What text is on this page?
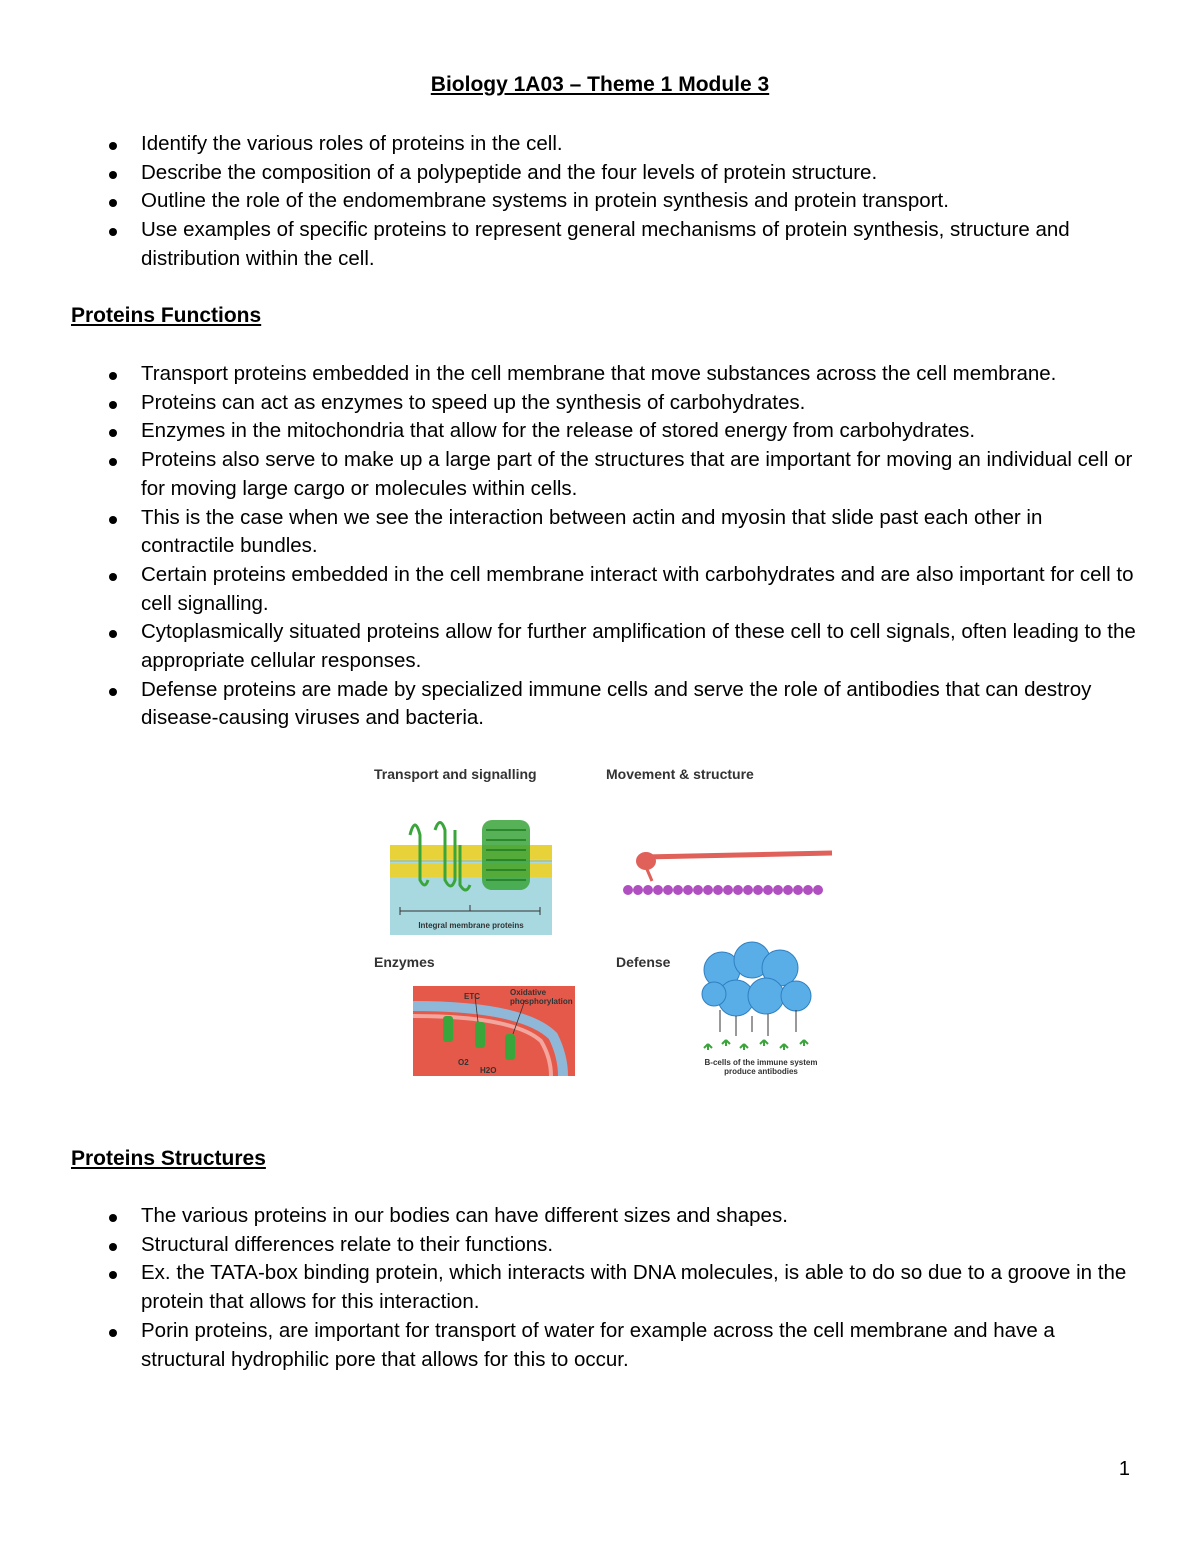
Biology 1A03 – Theme 1 Module 3
Identify the various roles of proteins in the cell.
Describe the composition of a polypeptide and the four levels of protein structure.
Outline the role of the endomembrane systems in protein synthesis and protein transport.
Use examples of specific proteins to represent general mechanisms of protein synthesis, structure and distribution within the cell.
Proteins Functions
Transport proteins embedded in the cell membrane that move substances across the cell membrane.
Proteins can act as enzymes to speed up the synthesis of carbohydrates.
Enzymes in the mitochondria that allow for the release of stored energy from carbohydrates.
Proteins also serve to make up a large part of the structures that are important for moving an individual cell or for moving large cargo or molecules within cells.
This is the case when we see the interaction between actin and myosin that slide past each other in contractile bundles.
Certain proteins embedded in the cell membrane interact with carbohydrates and are also important for cell to cell signalling.
Cytoplasmically situated proteins allow for further amplification of these cell to cell signals, often leading to the appropriate cellular responses.
Defense proteins are made by specialized immune cells and serve the role of antibodies that can destroy disease-causing viruses and bacteria.
Transport and signalling	Movement & structure
Enzymes	Defense
Integral membrane proteins
ETC	Oxidative phosphorylation
O2
H2O
B-cells of the immune system produce antibodies
Proteins Structures
The various proteins in our bodies can have different sizes and shapes.
Structural differences relate to their functions.
Ex. the TATA-box binding protein, which interacts with DNA molecules, is able to do so due to a groove in the protein that allows for this interaction.
Porin proteins, are important for transport of water for example across the cell membrane and have a structural hydrophilic pore that allows for this to occur.
1
